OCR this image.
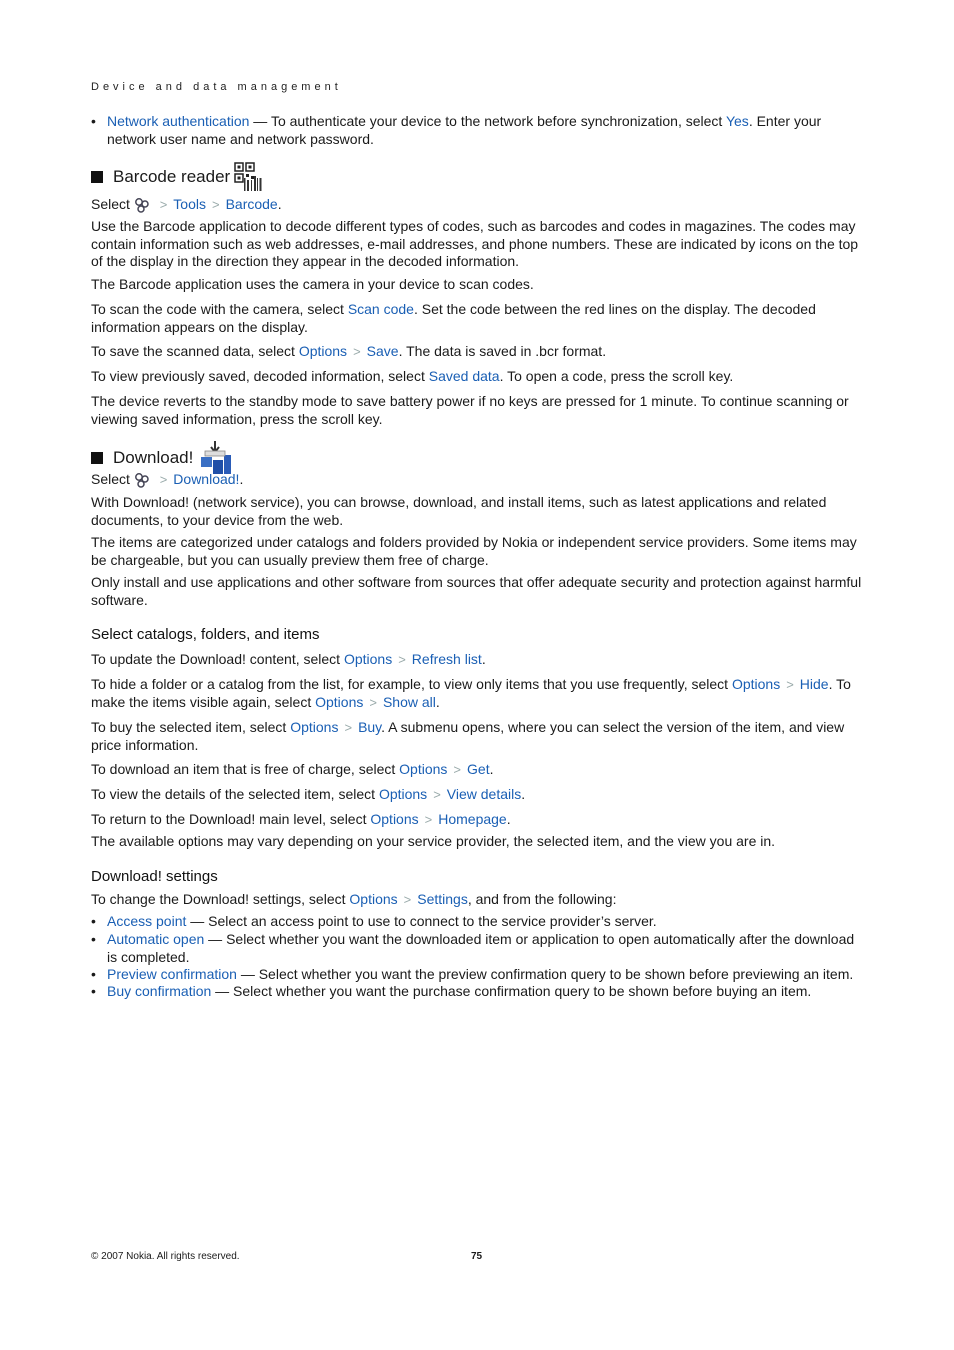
Device and data management
• Network authentication — To authenticate your device to the network before synchronization, select Yes. Enter your network user name and network password.
Barcode reader
Select > Tools > Barcode.
Use the Barcode application to decode different types of codes, such as barcodes and codes in magazines. The codes may contain information such as web addresses, e-mail addresses, and phone numbers. These are indicated by icons on the top of the display in the direction they appear in the decoded information.
The Barcode application uses the camera in your device to scan codes.
To scan the code with the camera, select Scan code. Set the code between the red lines on the display. The decoded information appears on the display.
To save the scanned data, select Options > Save. The data is saved in .bcr format.
To view previously saved, decoded information, select Saved data. To open a code, press the scroll key.
The device reverts to the standby mode to save battery power if no keys are pressed for 1 minute. To continue scanning or viewing saved information, press the scroll key.
Download!
Select > Download!.
With Download! (network service), you can browse, download, and install items, such as latest applications and related documents, to your device from the web.
The items are categorized under catalogs and folders provided by Nokia or independent service providers. Some items may be chargeable, but you can usually preview them free of charge.
Only install and use applications and other software from sources that offer adequate security and protection against harmful software.
Select catalogs, folders, and items
To update the Download! content, select Options > Refresh list.
To hide a folder or a catalog from the list, for example, to view only items that you use frequently, select Options > Hide. To make the items visible again, select Options > Show all.
To buy the selected item, select Options > Buy. A submenu opens, where you can select the version of the item, and view price information.
To download an item that is free of charge, select Options > Get.
To view the details of the selected item, select Options > View details.
To return to the Download! main level, select Options > Homepage.
The available options may vary depending on your service provider, the selected item, and the view you are in.
Download! settings
To change the Download! settings, select Options > Settings, and from the following:
• Access point — Select an access point to use to connect to the service provider’s server.
• Automatic open — Select whether you want the downloaded item or application to open automatically after the download is completed.
• Preview confirmation — Select whether you want the preview confirmation query to be shown before previewing an item.
• Buy confirmation — Select whether you want the purchase confirmation query to be shown before buying an item.
© 2007 Nokia. All rights reserved.	75
